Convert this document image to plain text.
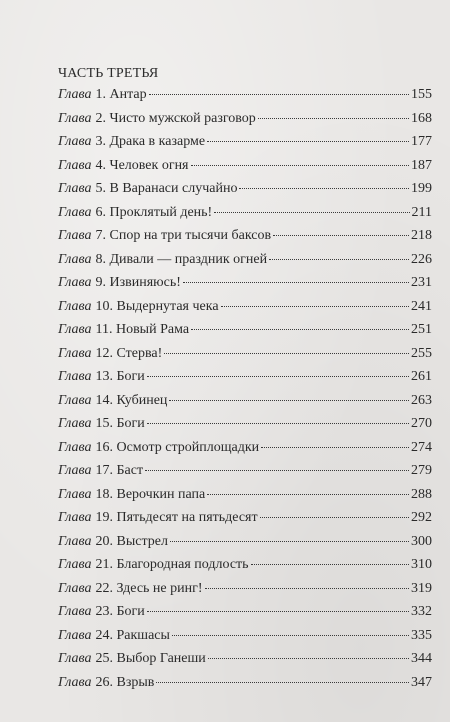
ЧАСТЬ ТРЕТЬЯ
Глава 1. Антар	155
Глава 2. Чисто мужской разговор	168
Глава 3. Драка в казарме	177
Глава 4. Человек огня	187
Глава 5. В Варанаси случайно	199
Глава 6. Проклятый день!	211
Глава 7. Спор на три тысячи баксов	218
Глава 8. Дивали — праздник огней	226
Глава 9. Извиняюсь!	231
Глава 10. Выдернутая чека	241
Глава 11. Новый Рама	251
Глава 12. Стерва!	255
Глава 13. Боги	261
Глава 14. Кубинец	263
Глава 15. Боги	270
Глава 16. Осмотр стройплощадки	274
Глава 17. Баст	279
Глава 18. Верочкин папа	288
Глава 19. Пятьдесят на пятьдесят	292
Глава 20. Выстрел	300
Глава 21. Благородная подлость	310
Глава 22. Здесь не ринг!	319
Глава 23. Боги	332
Глава 24. Ракшасы	335
Глава 25. Выбор Ганеши	344
Глава 26. Взрыв	347
